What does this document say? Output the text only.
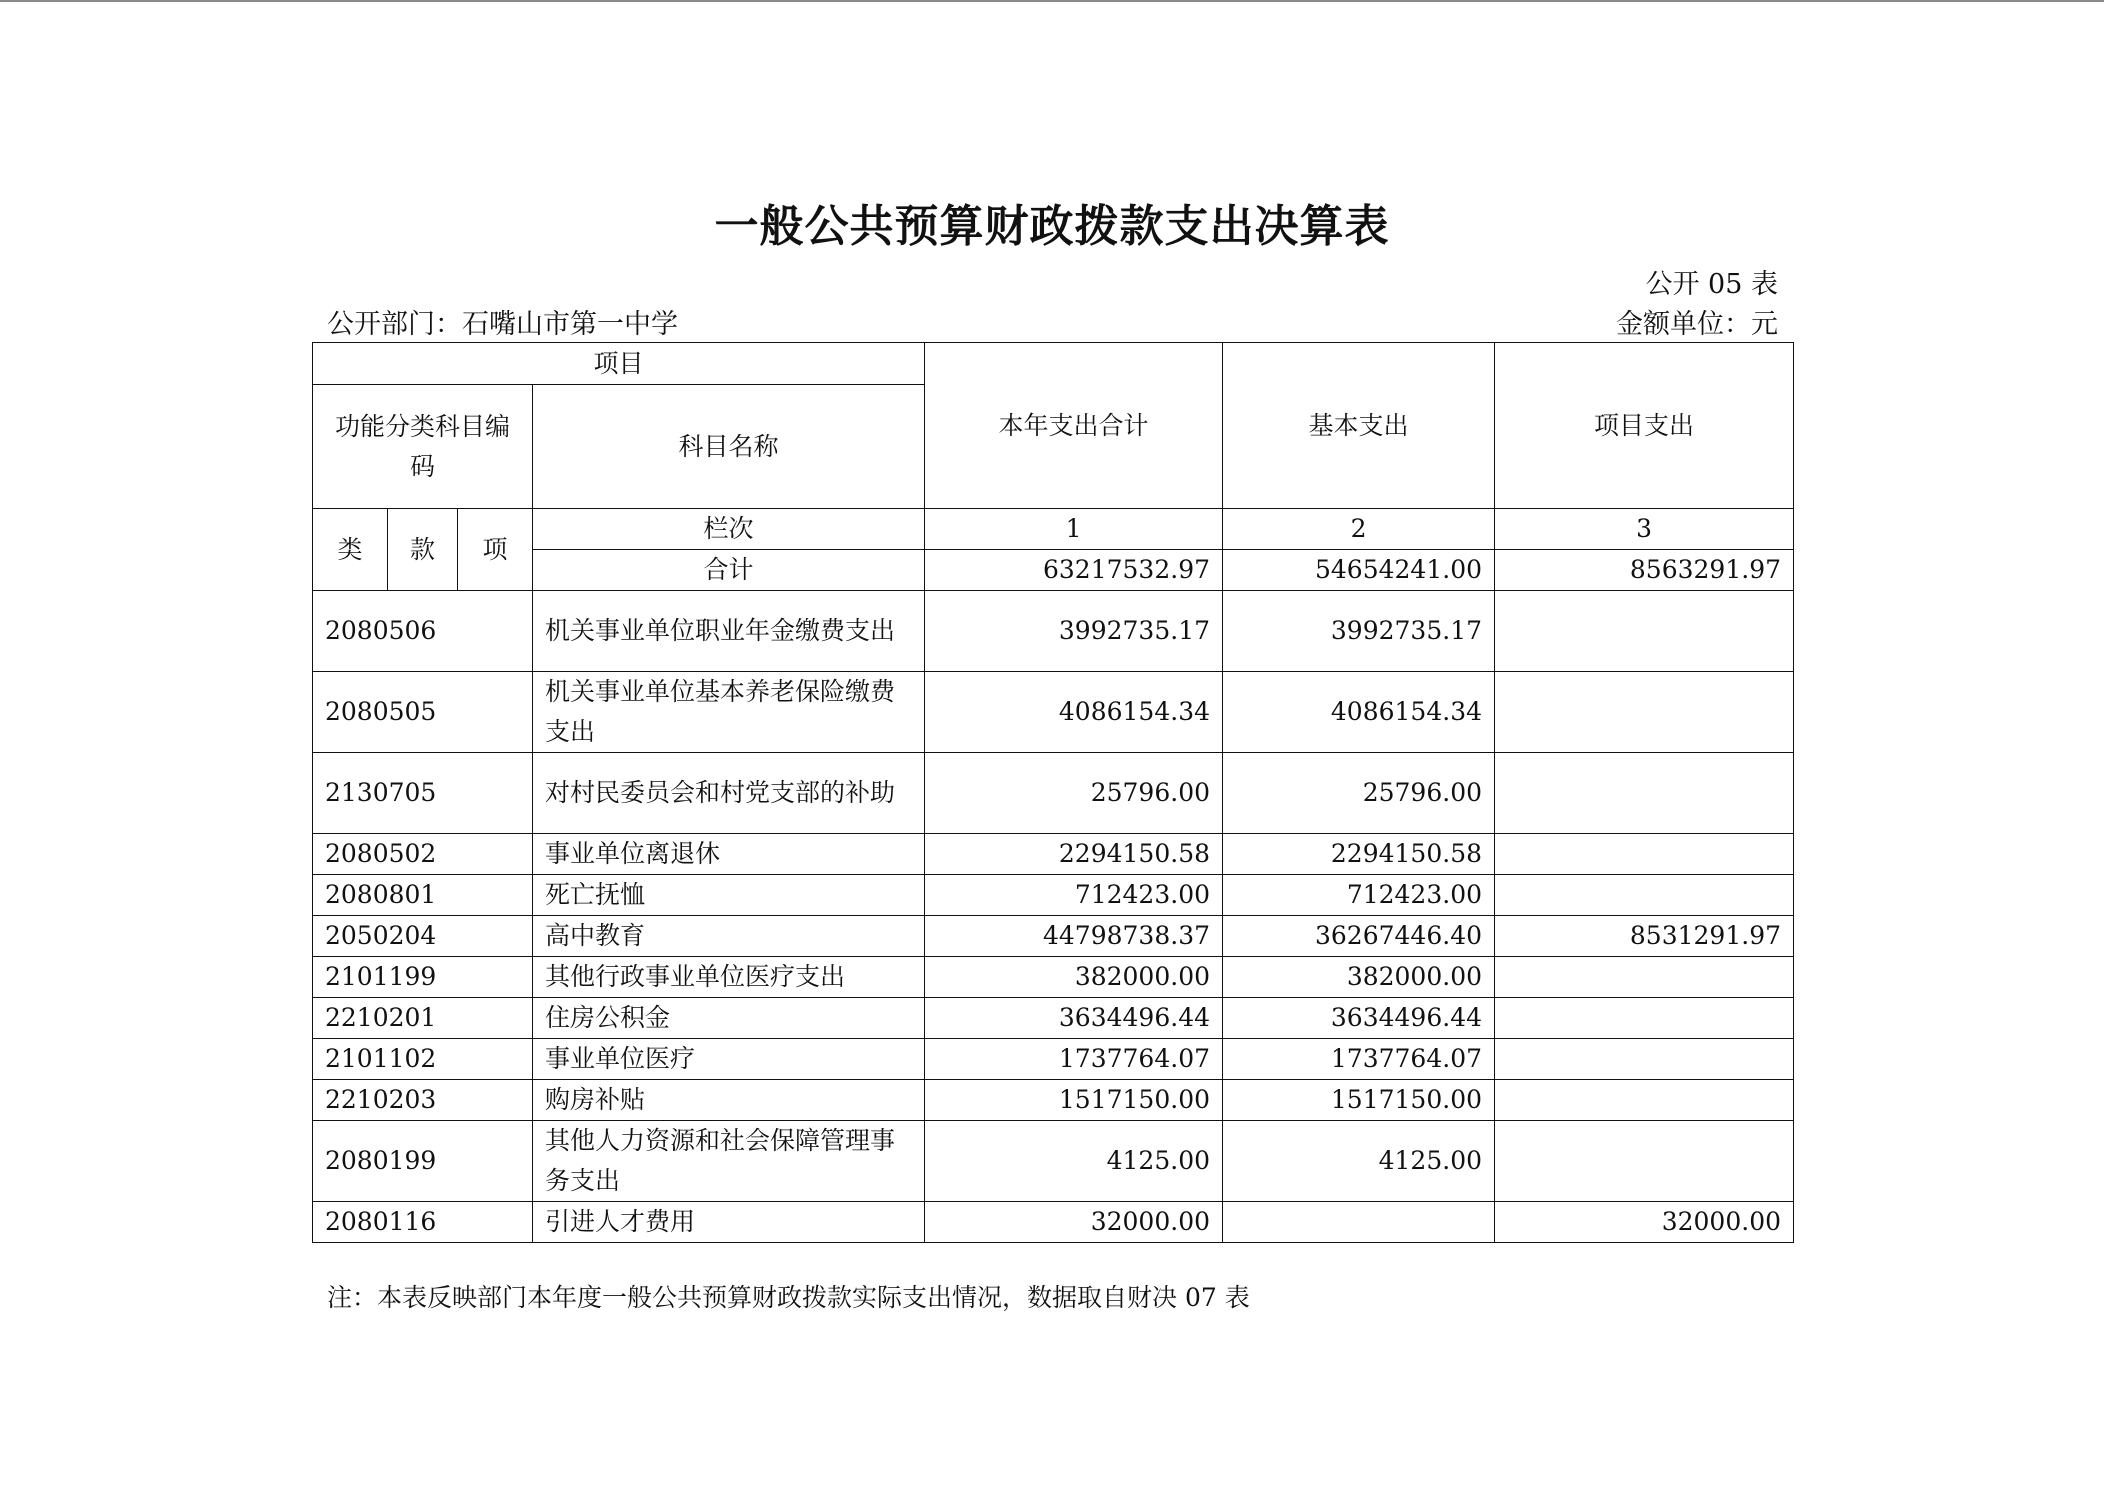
一般公共预算财政拨款支出决算表
公开 05 表
公开部门：石嘴山市第一中学	金额单位：元
项目				本年支出合计	基本支出	项目支出
功能分类科目编码			科目名称			
类	款	项	栏次	1	2	3
			合计	63217532.97	54654241.00	8563291.97
2080506			机关事业单位职业年金缴费支出	3992735.17	3992735.17	
2080505			机关事业单位基本养老保险缴费支出	4086154.34	4086154.34	
2130705			对村民委员会和村党支部的补助	25796.00	25796.00	
2080502			事业单位离退休	2294150.58	2294150.58	
2080801			死亡抚恤	712423.00	712423.00	
2050204			高中教育	44798738.37	36267446.40	8531291.97
2101199			其他行政事业单位医疗支出	382000.00	382000.00	
2210201			住房公积金	3634496.44	3634496.44	
2101102			事业单位医疗	1737764.07	1737764.07	
2210203			购房补贴	1517150.00	1517150.00	
2080199			其他人力资源和社会保障管理事务支出	4125.00	4125.00	
2080116			引进人才费用	32000.00		32000.00
注：本表反映部门本年度一般公共预算财政拨款实际支出情况，数据取自财决 07 表
